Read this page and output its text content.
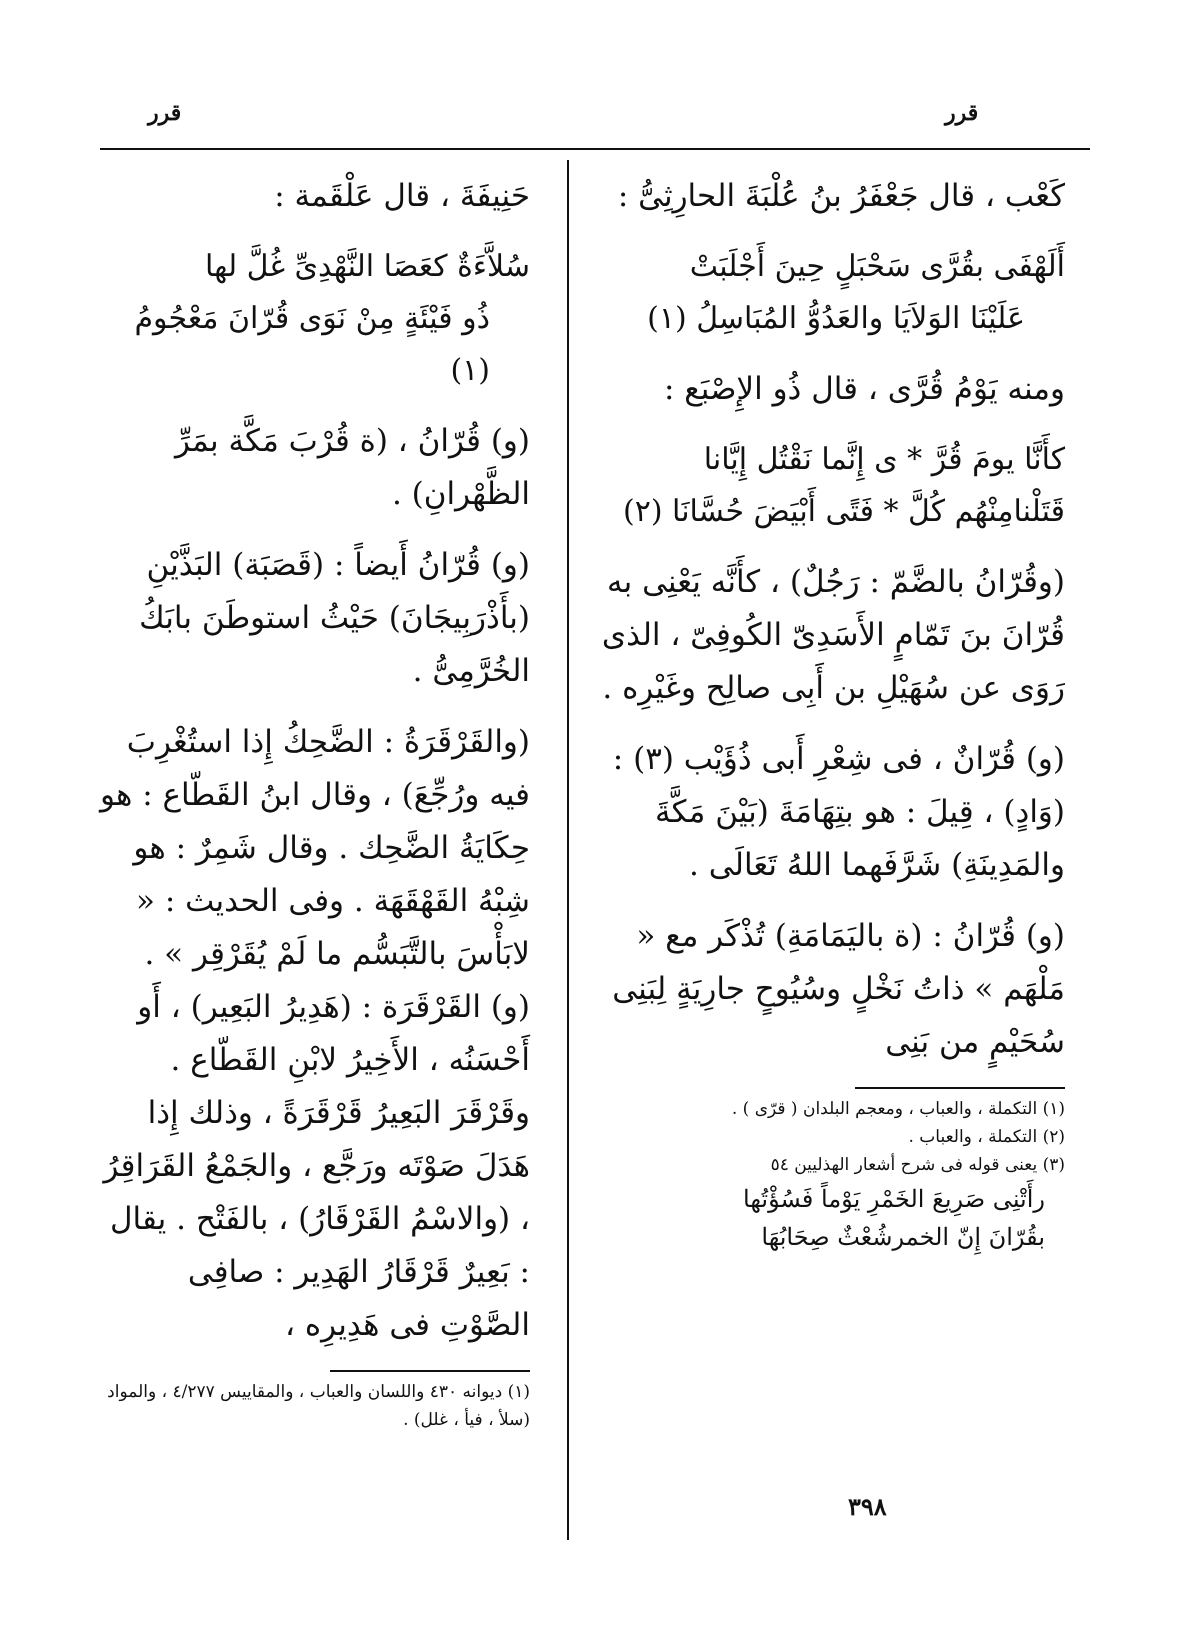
قرر	قرر

كَعْب ، قال جَعْفَرُ بنُ عُلْبَةَ الحارِثِىُّ :

أَلَهْفَى بقُرَّى سَحْبَلٍ حِينَ أَجْلَبَتْ
عَلَيْنَا الوَلاَيَا والعَدُوُّ المُبَاسِلُ (١)

ومنه يَوْمُ قُرَّى ، قال ذُو الإِصْبَع :

كأَنَّا يومَ قُرَّ * ى إِنَّما نَقْتُل إِيَّانا
قَتَلْنامِنْهُم كُلَّ * فَتًى أَبْيَضَ حُسَّانَا (٢)

(وقُرّانُ بالضَّمّ : رَجُلٌ) ، كأَنَّه يَعْنِى به قُرّانَ بنَ تَمّامٍ الأَسَدِىّ الكُوفِىّ ، الذى رَوَى عن سُهَيْلِ بن أَبِى صالِح وغَيْرِه .

(و) قُرّانٌ ، فى شِعْرِ أَبى ذُؤَيْب (٣) : (وَادٍ) ، قِيلَ : هو بتِهَامَةَ (بَيْنَ مَكَّةَ والمَدِينَةِ) شَرَّفَهما اللهُ تَعَالَى .

(و) قُرّانُ : (ة باليَمَامَةِ) تُذْكَر مع « مَلْهَم » ذاتُ نَخْلٍ وسُيُوحٍ جارِيَةٍ لِبَنِى سُحَيْمٍ من بَنِى

(١) التكملة ، والعباب ، ومعجم البلدان ( قرّى ) .

(٢) التكملة ، والعباب .

(٣) يعنى قوله فى شرح أشعار الهذليين ٥٤

رأَتْنِى صَرِيعَ الخَمْرِ يَوْماً فَسُؤْتُها

بقُرّانَ إِنّ الخمرشُعْثٌ صِحَابُهَا

حَنِيفَةَ ، قال عَلْقَمة :

سُلاَّءَةٌ كعَصَا النَّهْدِىِّ غُلَّ لها
ذُو فَيْئَةٍ مِنْ نَوَى قُرّانَ مَعْجُومُ (١)

(و) قُرّانُ ، (ة قُرْبَ مَكَّة بمَرِّ الظَّهْرانِ) .

(و) قُرّانُ أَيضاً : (قَصَبَة) البَذَّيْنِ (بأَذْرَبِيجَانَ) حَيْثُ استوطَنَ بابَكُ الخُرَّمِىُّ .

(والقَرْقَرَةُ : الضَّحِكُ إِذا استُغْرِبَ فيه ورُجِّعَ) ، وقال ابنُ القَطّاع : هو حِكَايَةُ الضَّحِك . وقال شَمِرٌ : هو شِبْهُ القَهْقَهَة . وفى الحديث : « لابَأْسَ بالتَّبَسُّم ما لَمْ يُقَرْقِر » . (و) القَرْقَرَة : (هَدِيرُ البَعِير) ، أَو أَحْسَنُه ، الأَخِيرُ لابْنِ القَطّاع . وقَرْقَرَ البَعِيرُ قَرْقَرَةً ، وذلك إِذا هَدَلَ صَوْتَه ورَجَّع ، والجَمْعُ القَرَاقِرُ ، (والاسْمُ القَرْقَارُ) ، بالفَتْح . يقال : بَعِيرٌ قَرْقَارُ الهَدِير : صافِى الصَّوْتِ فى هَدِيرِه ،

(١) ديوانه ٤٣٠ واللسان والعباب ، والمقاييس ٤/٢٧٧ ، والمواد (سلأ ، فيأ ، غلل) .

٣٩٨
